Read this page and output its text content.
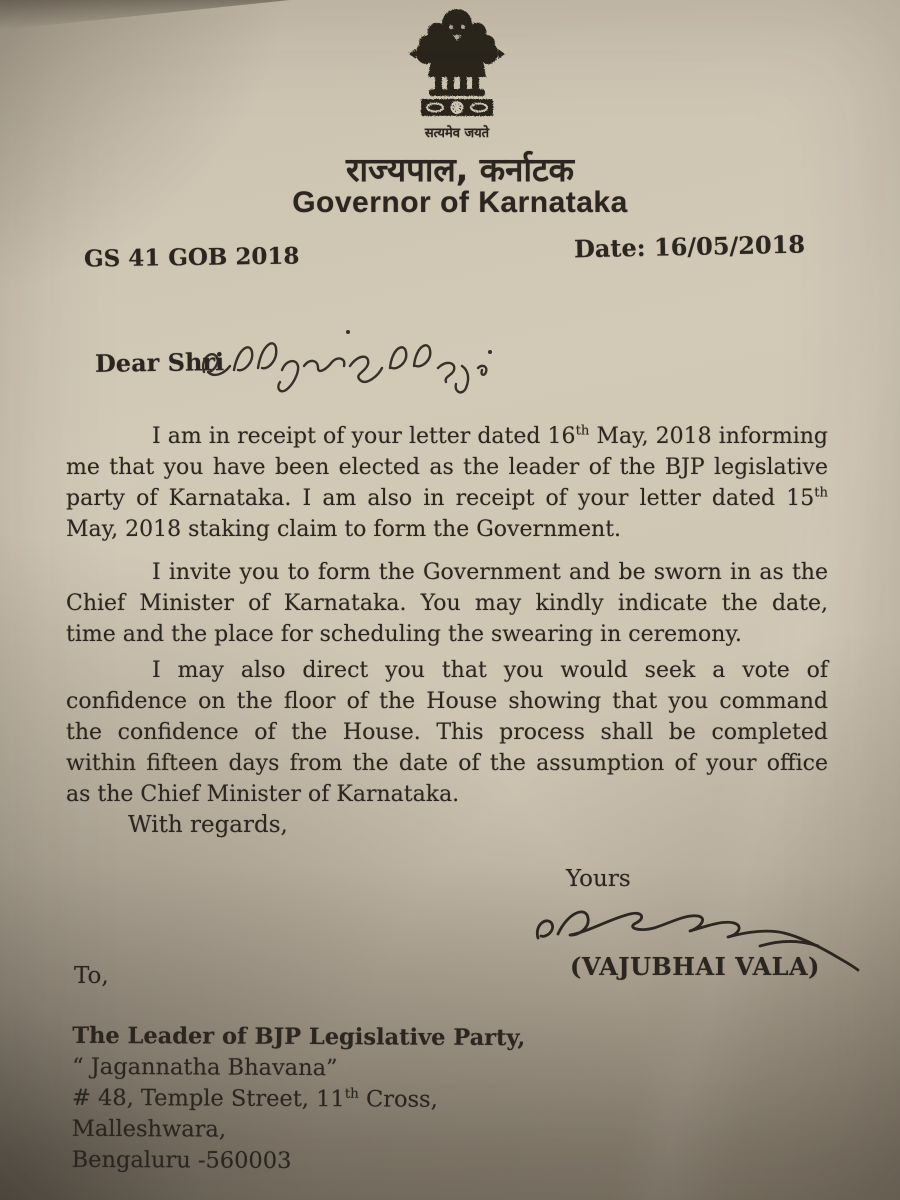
सत्यमेव जयते
राज्यपाल, कर्नाटक
Governor of Karnataka
GS 41 GOB 2018	Date: 16/05/2018
Dear Shri
I am in receipt of your letter dated 16th May, 2018 informing
me that you have been elected as the leader of the BJP legislative
party of Karnataka. I am also in receipt of your letter dated 15th
May, 2018 staking claim to form the Government.
I invite you to form the Government and be sworn in as the
Chief Minister of Karnataka. You may kindly indicate the date,
time and the place for scheduling the swearing in ceremony.
I may also direct you that you would seek a vote of
confidence on the floor of the House showing that you command
the confidence of the House. This process shall be completed
within fifteen days from the date of the assumption of your office
as the Chief Minister of Karnataka.
With regards,
Yours
(VAJUBHAI VALA)
To,
The Leader of BJP Legislative Party,
“ Jagannatha Bhavana”
# 48, Temple Street, 11th Cross,
Malleshwara,
Bengaluru -560003
